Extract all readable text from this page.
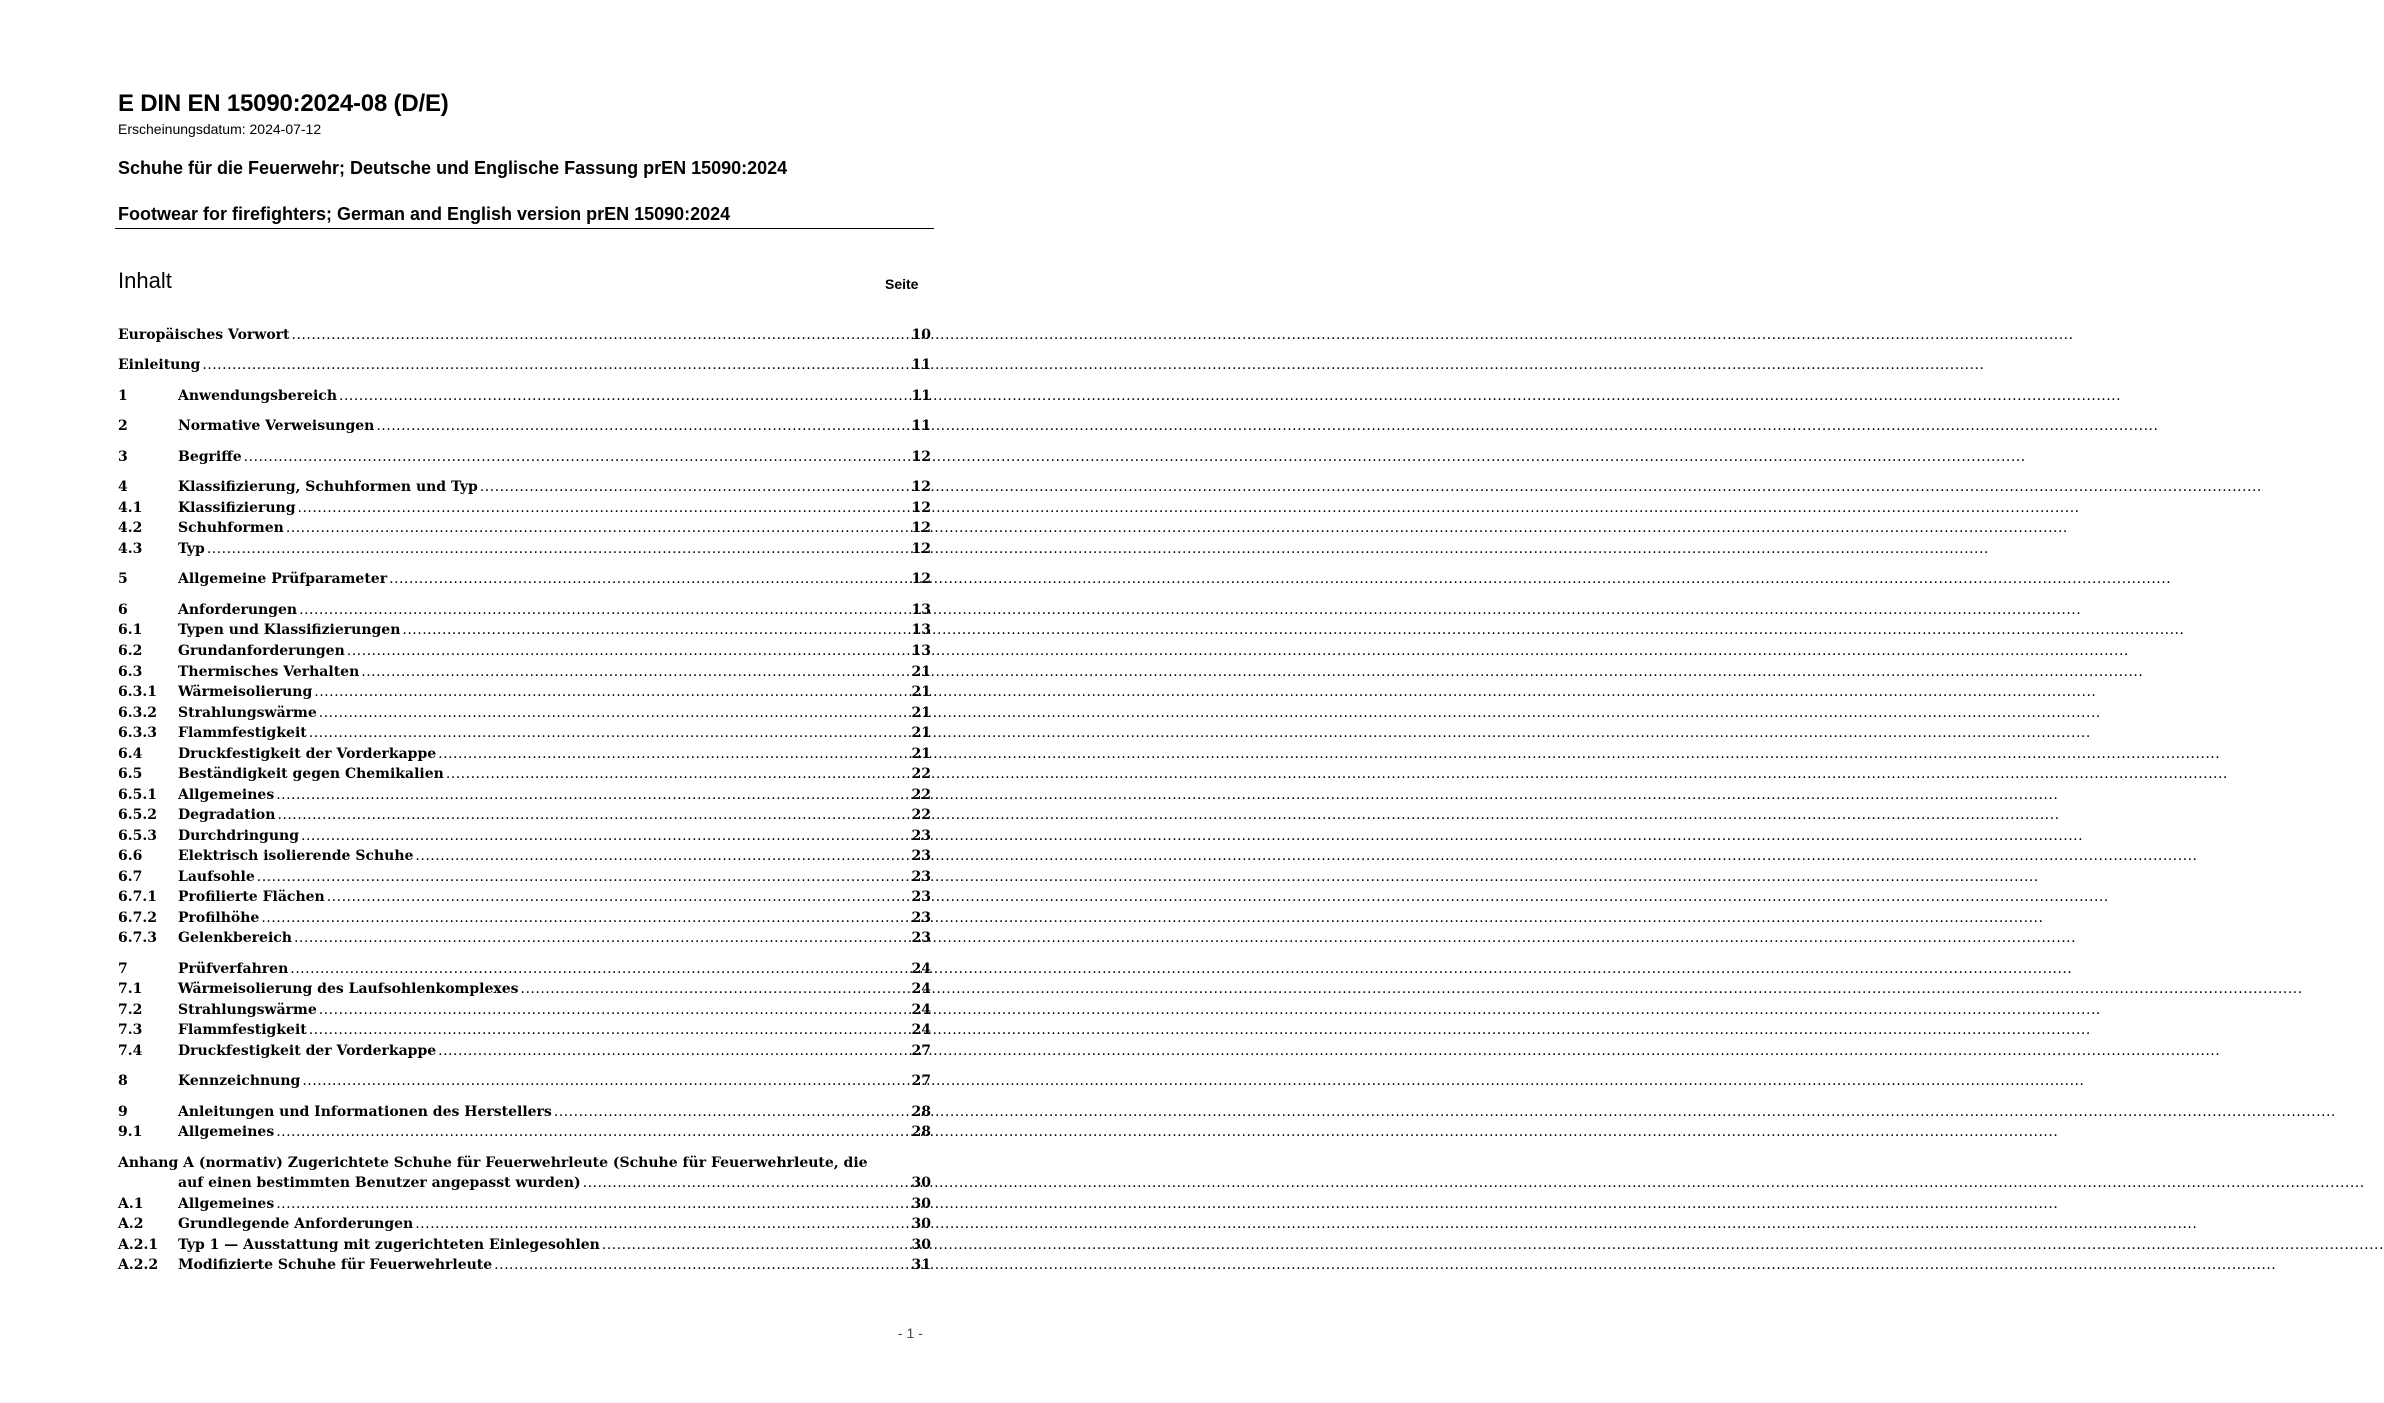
E DIN EN 15090:2024-08 (D/E)
Erscheinungsdatum: 2024-07-12
Schuhe für die Feuerwehr; Deutsche und Englische Fassung prEN 15090:2024
Footwear for firefighters; German and English version prEN 15090:2024
Inhalt	Seite
Europäisches Vorwort .....	10
Einleitung .....	11
1	Anwendungsbereich .....	11
2	Normative Verweisungen .....	11
3	Begriffe .....	12
4	Klassifizierung, Schuhformen und Typ .....	12
4.1	Klassifizierung .....	12
4.2	Schuhformen .....	12
4.3	Typ .....	12
5	Allgemeine Prüfparameter .....	12
6	Anforderungen .....	13
6.1	Typen und Klassifizierungen .....	13
6.2	Grundanforderungen .....	13
6.3	Thermisches Verhalten .....	21
6.3.1 Wärmeisolierung .....	21
6.3.2 Strahlungswärme .....	21
6.3.3 Flammfestigkeit .....	21
6.4	Druckfestigkeit der Vorderkappe .....	21
6.5	Beständigkeit gegen Chemikalien .....	22
6.5.1 Allgemeines .....	22
6.5.2 Degradation .....	22
6.5.3 Durchdringung .....	23
6.6	Elektrisch isolierende Schuhe .....	23
6.7	Laufsohle .....	23
6.7.1 Profilierte Flächen .....	23
6.7.2 Profilhöhe .....	23
6.7.3 Gelenkbereich .....	23
7	Prüfverfahren .....	24
7.1	Wärmeisolierung des Laufsohlenkomplexes .....	24
7.2	Strahlungswärme .....	24
7.3	Flammfestigkeit .....	24
7.4	Druckfestigkeit der Vorderkappe .....	27
8	Kennzeichnung .....	27
9	Anleitungen und Informationen des Herstellers .....	28
9.1	Allgemeines .....	28
Anhang A (normativ) Zugerichtete Schuhe für Feuerwehrleute (Schuhe für Feuerwehrleute, die
auf einen bestimmten Benutzer angepasst wurden) .....	30
A.1 Allgemeines .....	30
A.2 Grundlegende Anforderungen .....	30
A.2.1 Typ 1 — Ausstattung mit zugerichteten Einlegesohlen .....	30
A.2.2 Modifizierte Schuhe für Feuerwehrleute .....	31
- 1 -
